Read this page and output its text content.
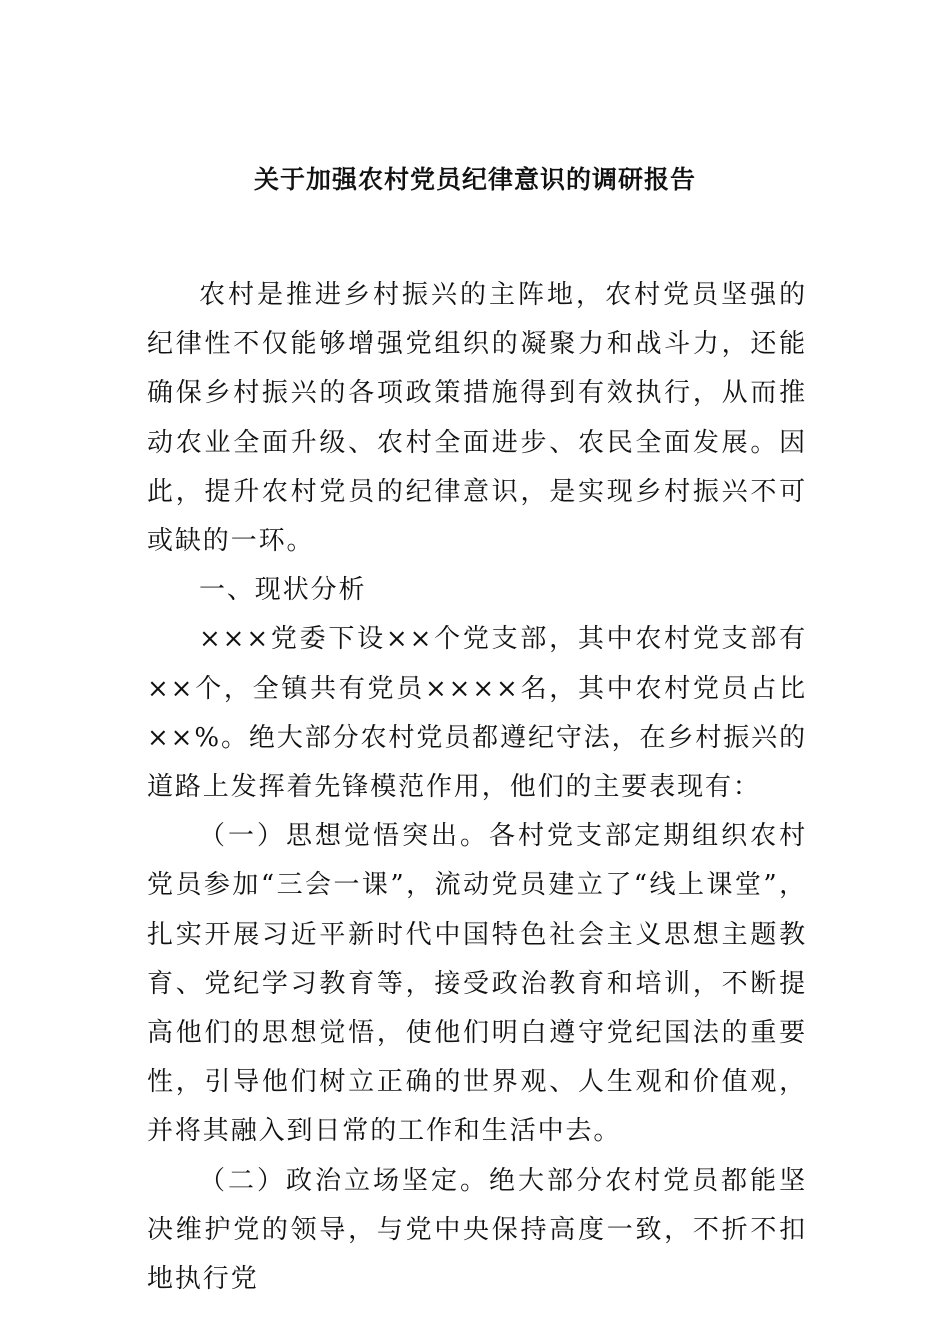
关于加强农村党员纪律意识的调研报告

农村是推进乡村振兴的主阵地，农村党员坚强的纪律性不仅能够增强党组织的凝聚力和战斗力，还能确保乡村振兴的各项政策措施得到有效执行，从而推动农业全面升级、农村全面进步、农民全面发展。因此，提升农村党员的纪律意识，是实现乡村振兴不可或缺的一环。

一、现状分析

×××党委下设××个党支部，其中农村党支部有××个，全镇共有党员××××名，其中农村党员占比××%。绝大部分农村党员都遵纪守法，在乡村振兴的道路上发挥着先锋模范作用，他们的主要表现有：

（一）思想觉悟突出。各村党支部定期组织农村党员参加“三会一课”，流动党员建立了“线上课堂”，扎实开展习近平新时代中国特色社会主义思想主题教育、党纪学习教育等，接受政治教育和培训，不断提高他们的思想觉悟，使他们明白遵守党纪国法的重要性，引导他们树立正确的世界观、人生观和价值观，并将其融入到日常的工作和生活中去。

（二）政治立场坚定。绝大部分农村党员都能坚决维护党的领导，与党中央保持高度一致，不折不扣地执行党
